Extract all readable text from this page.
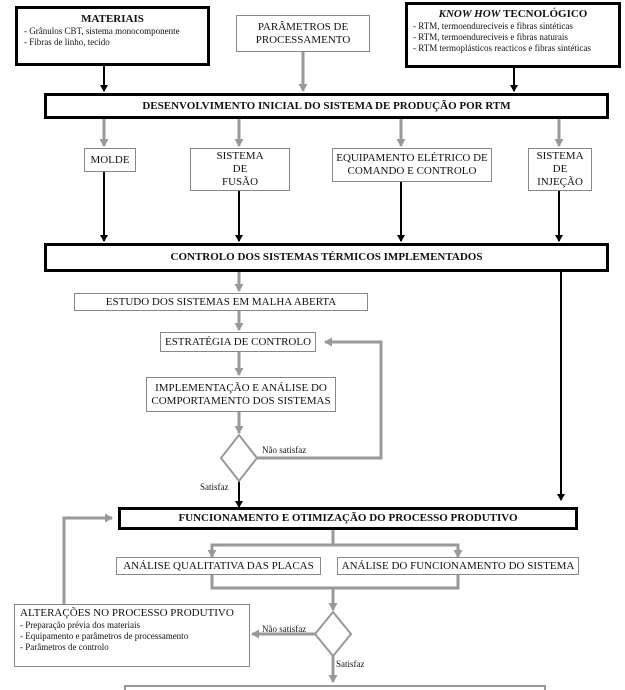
MATERIAIS
- Grânulos CBT, sistema monocomponente
- Fibras de linho, tecido
PARÂMETROS DE
PROCESSAMENTO
KNOW HOW TECNOLÓGICO
- RTM, termoendurecíveis e fibras sintéticas
- RTM, termoendurecíveis e fibras naturais
- RTM termoplásticos reacticos e fibras sintéticas
DESENVOLVIMENTO INICIAL DO SISTEMA DE PRODUÇÃO POR RTM
MOLDE	SISTEMA
DE
FUSÃO
EQUIPAMENTO ELÉTRICO DE
COMANDO E CONTROLO
SISTEMA
DE
INJEÇÃO
CONTROLO DOS SISTEMAS TÉRMICOS IMPLEMENTADOS
ESTUDO DOS SISTEMAS EM MALHA ABERTA
ESTRATÉGIA DE CONTROLO
IMPLEMENTAÇÃO E ANÁLISE DO
COMPORTAMENTO DOS SISTEMAS
Não satisfaz
Satisfaz
FUNCIONAMENTO E OTIMIZAÇÃO DO PROCESSO PRODUTIVO
ANÁLISE QUALITATIVA DAS PLACAS	ANÁLISE DO FUNCIONAMENTO DO SISTEMA
ALTERAÇÕES NO PROCESSO PRODUTIVO
- Preparação prévia dos materiais
- Equipamento e parâmetros de processamento
- Parâmetros de controlo
Não satisfaz
Satisfaz
